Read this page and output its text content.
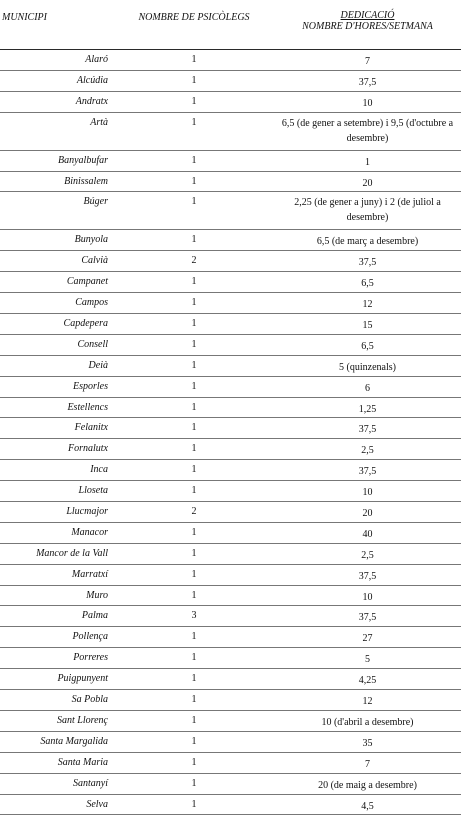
MUNICIPI	NOMBRE DE PSICÒLEGS	DEDICACIÓ
NOMBRE D'HORES/SETMANA
Alaró	1	7
Alcúdia	1	37,5
Andratx	1	10
Artà	1	6,5 (de gener a setembre) i 9,5 (d'octubre a desembre)
Banyalbufar	1	1
Binissalem	1	20
Búger	1	2,25 (de gener a juny) i 2 (de juliol a desembre)
Bunyola	1	6,5 (de març a desembre)
Calvià	2	37,5
Campanet	1	6,5
Campos	1	12
Capdepera	1	15
Consell	1	6,5
Deià	1	5 (quinzenals)
Esporles	1	6
Estellencs	1	1,25
Felanitx	1	37,5
Fornalutx	1	2,5
Inca	1	37,5
Lloseta	1	10
Llucmajor	2	20
Manacor	1	40
Mancor de la Vall	1	2,5
Marratxí	1	37,5
Muro	1	10
Palma	3	37,5
Pollença	1	27
Porreres	1	5
Puigpunyent	1	4,25
Sa Pobla	1	12
Sant Llorenç	1	10 (d'abril a desembre)
Santa Margalida	1	35
Santa Maria	1	7
Santanyí	1	20 (de maig a desembre)
Selva	1	4,5
